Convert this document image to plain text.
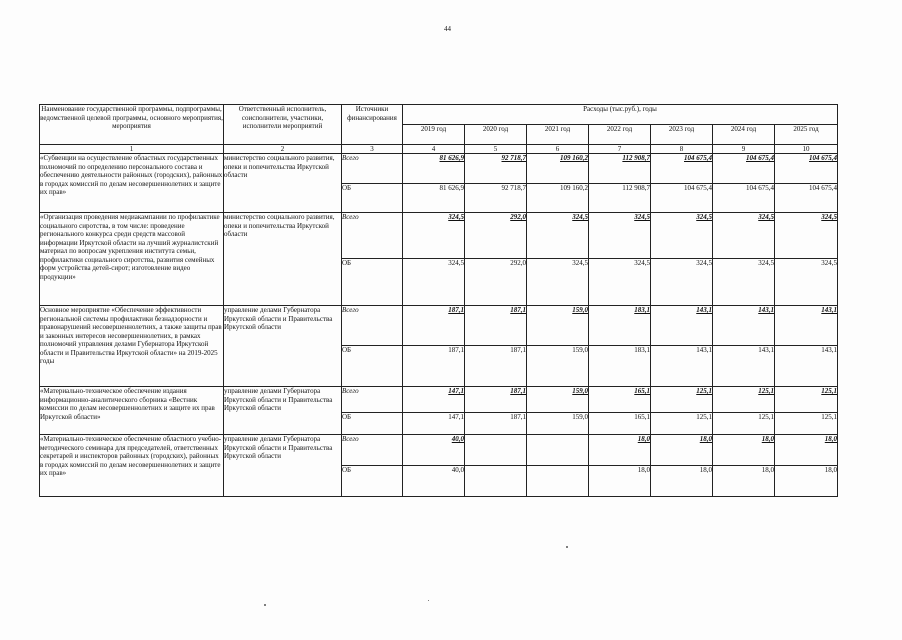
44
Наименование государственной программы, подпрограммы, ведомственной целевой программы, основного мероприятия, мероприятия	Ответственный исполнитель, соисполнители, участники, исполнители мероприятий	Источники финансирования	Расходы (тыс.руб.), годы						
			2019 год	2020 год	2021 год	2022 год	2023 год	2024 год	2025 год
1	2	3	4	5	6	7	8	9	10
«Субвенции на осуществление областных государственных полномочий по определению персонального состава и обеспечению деятельности районных (городских), районных в городах комиссий по делам несовершеннолетних и защите их прав»	министерство социального развития, опеки и попечительства Иркутской области	Всего	81 626,9	92 718,7	109 160,2	112 908,7	104 675,4	104 675,4	104 675,4
		ОБ	81 626,9	92 718,7	109 160,2	112 908,7	104 675,4	104 675,4	104 675,4
«Организация проведения медиакампании по профилактике социального сиротства, в том числе: проведение регионального конкурса среди средств массовой информации Иркутской области на лучший журналистский материал по вопросам укрепления института семьи, профилактики социального сиротства, развития семейных форм устройства детей-сирот; изготовление видео продукции»	министерство социального развития, опеки и попечительства Иркутской области	Всего	324,5	292,0	324,5	324,5	324,5	324,5	324,5
		ОБ	324,5	292,0	324,5	324,5	324,5	324,5	324,5
Основное мероприятие «Обеспечение эффективности региональной системы профилактики безнадзорности и правонарушений несовершеннолетних, а также защиты прав и законных интересов несовершеннолетних, в рамках полномочий управления делами Губернатора Иркутской области и Правительства Иркутской области» на 2019-2025 годы	управление делами Губернатора Иркутской области и Правительства Иркутской области	Всего	187,1	187,1	159,0	183,1	143,1	143,1	143,1
		ОБ	187,1	187,1	159,0	183,1	143,1	143,1	143,1
«Материально-техническое обеспечение издания информационно-аналитического сборника «Вестник комиссии по делам несовершеннолетних и защите их прав Иркутской области»	управление делами Губернатора Иркутской области и Правительства Иркутской области	Всего	147,1	187,1	159,0	165,1	125,1	125,1	125,1
		ОБ	147,1	187,1	159,0	165,1	125,1	125,1	125,1
«Материально-техническое обеспечение областного учебно-методического семинара для председателей, ответственных секретарей и инспекторов районных (городских), районных в городах комиссий по делам несовершеннолетних и защите их прав»	управление делами Губернатора Иркутской области и Правительства Иркутской области	Всего	40,0			18,0	18,0	18,0	18,0
		ОБ	40,0			18,0	18,0	18,0	18,0
